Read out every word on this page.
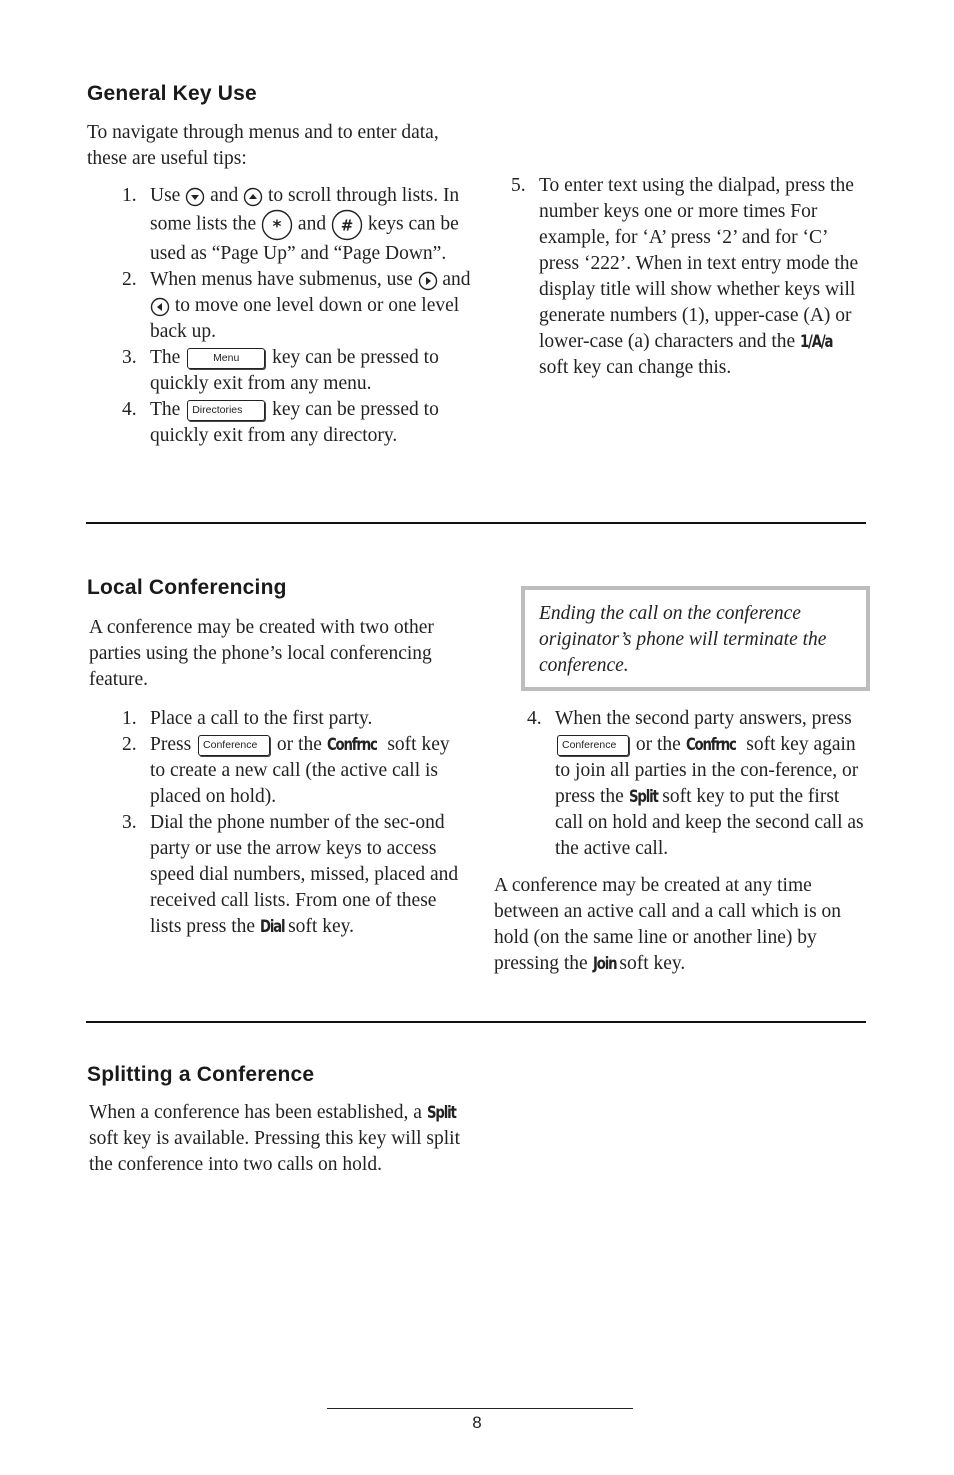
General Key Use
To navigate through menus and to enter data, these are useful tips:
1. Use and to scroll through lists. In some lists the * and # keys can be used as “Page Up” and “Page Down”.
2. When menus have submenus, use and  to move one level down or one level back up.
3. The	Menu key can be pressed to quickly exit from any menu.
4. The Directories key can be pressed to quickly exit from any directory.
5. To enter text using the dialpad, press the number keys one or more times For example, for ‘A’ press ‘2’ and for ‘C’ press ‘222’. When in text entry mode the display title will show whether keys will generate numbers (1), upper-case (A) or lower-case (a) characters and the 1/A/a soft key can change this.
Local Conferencing
A conference may be created with two other parties using the phone’s local conferencing feature.
Ending the call on the conference originator’s phone will terminate the conference.
1. Place a call to the first party.
2. Press Conference or the Confrnc soft key to create a new call (the active call is placed on hold).
3. Dial the phone number of the sec-ond party or use the arrow keys to access speed dial numbers, missed, placed and received call lists. From one of these lists press the Dial soft key.
4. When the second party answers, press Conference or the Confrnc soft key again to join all parties in the con-ference, or press the Split soft key to put the first call on hold and keep the second call as the active call.
A conference may be created at any time between an active call and a call which is on hold (on the same line or another line) by pressing the Join soft key.
Splitting a Conference
When a conference has been established, a Split soft key is available. Pressing this key will split the conference into two calls on hold.
8
